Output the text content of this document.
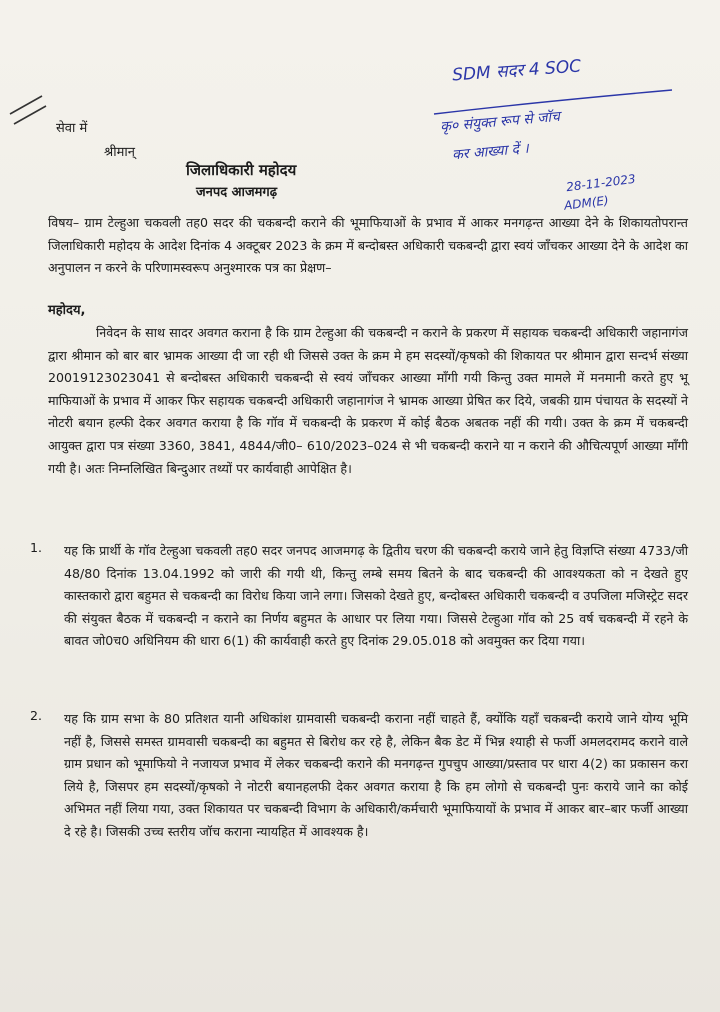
सेवा में
श्रीमान्
जिलाधिकारी महोदय
जनपद आजमगढ़
SDM सदर 4 SOC
कृ० संयुक्त रूप से जॉच
कर आख्या दें ।
28-11-2023
ADM(E)
विषय– ग्राम टेल्हुआ चकवली तह0 सदर की चकबन्दी कराने की भूमाफियाओं के प्रभाव में आकर मनगढ़न्त आख्या देने के शिकायतोपरान्त जिलाधिकारी महोदय के आदेश दिनांक 4 अक्टूबर 2023 के क्रम में बन्दोबस्त अधिकारी चकबन्दी द्वारा स्वयं जाँचकर आख्या देने के आदेश का अनुपालन न करने के परिणामस्वरूप अनुश्मारक पत्र का प्रेक्षण–
महोदय,
निवेदन के साथ सादर अवगत कराना है कि ग्राम टेल्हुआ की चकबन्दी न कराने के प्रकरण में सहायक चकबन्दी अधिकारी जहानागंज द्वारा श्रीमान को बार बार भ्रामक आख्या दी जा रही थी जिससे उक्त के क्रम मे हम सदस्यों/कृषको की शिकायत पर श्रीमान द्वारा सन्दर्भ संख्या 20019123023041 से बन्दोबस्त अधिकारी चकबन्दी से स्वयं जाँचकर आख्या माँगी गयी किन्तु उक्त मामले में मनमानी करते हुए भू माफियाओं के प्रभाव में आकर फिर सहायक चकबन्दी अधिकारी जहानागंज ने भ्रामक आख्या प्रेषित कर दिये, जबकी ग्राम पंचायत के सदस्यों ने नोटरी बयान हल्फी देकर अवगत कराया है कि गॉव में चकबन्दी के प्रकरण में कोई बैठक अबतक नहीं की गयी। उक्त के क्रम में चकबन्दी आयुक्त द्वारा पत्र संख्या 3360, 3841, 4844/जी0– 610/2023–024 से भी चकबन्दी कराने या न कराने की औचित्यपूर्ण आख्या माँगी गयी है। अतः निम्नलिखित बिन्दुआर तथ्यों पर कार्यवाही आपेक्षित है।
1. यह कि प्रार्थी के गॉव टेल्हुआ चकवली तह0 सदर जनपद आजमगढ़ के द्वितीय चरण की चकबन्दी कराये जाने हेतु विज्ञप्ति संख्या 4733/जी 48/80 दिनांक 13.04.1992 को जारी की गयी थी, किन्तु लम्बे समय बितने के बाद चकबन्दी की आवश्यकता को न देखते हुए कास्तकारो द्वारा बहुमत से चकबन्दी का विरोध किया जाने लगा। जिसको देखते हुए, बन्दोबस्त अधिकारी चकबन्दी व उपजिला मजिस्ट्रेट सदर की संयुक्त बैठक में चकबन्दी न कराने का निर्णय बहुमत के आधार पर लिया गया। जिससे टेल्हुआ गॉव को 25 वर्ष चकबन्दी में रहने के बावत जो0च0 अधिनियम की धारा 6(1) की कार्यवाही करते हुए दिनांक 29.05.018 को अवमुक्त कर दिया गया।
2. यह कि ग्राम सभा के 80 प्रतिशत यानी अधिकांश ग्रामवासी चकबन्दी कराना नहीं चाहते हैं, क्योंकि यहाँ चकबन्दी कराये जाने योग्य भूमि नहीं है, जिससे समस्त ग्रामवासी चकबन्दी का बहुमत से बिरोध कर रहे है, लेकिन बैक डेट में भिन्न श्याही से फर्जी अमलदरामद कराने वाले ग्राम प्रधान को भूमाफियो ने नजायज प्रभाव में लेकर चकबन्दी कराने की मनगढ़न्त गुपचुप आख्या/प्रस्ताव पर धारा 4(2) का प्रकासन करा लिये है, जिसपर हम सदस्यों/कृषको ने नोटरी बयानहलफी देकर अवगत कराया है कि हम लोगो से चकबन्दी पुनः कराये जाने का कोई अभिमत नहीं लिया गया, उक्त शिकायत पर चकबन्दी विभाग के अधिकारी/कर्मचारी भूमाफियायों के प्रभाव में आकर बार–बार फर्जी आख्या दे रहे है। जिसकी उच्च स्तरीय जॉच कराना न्यायहित में आवश्यक है।
